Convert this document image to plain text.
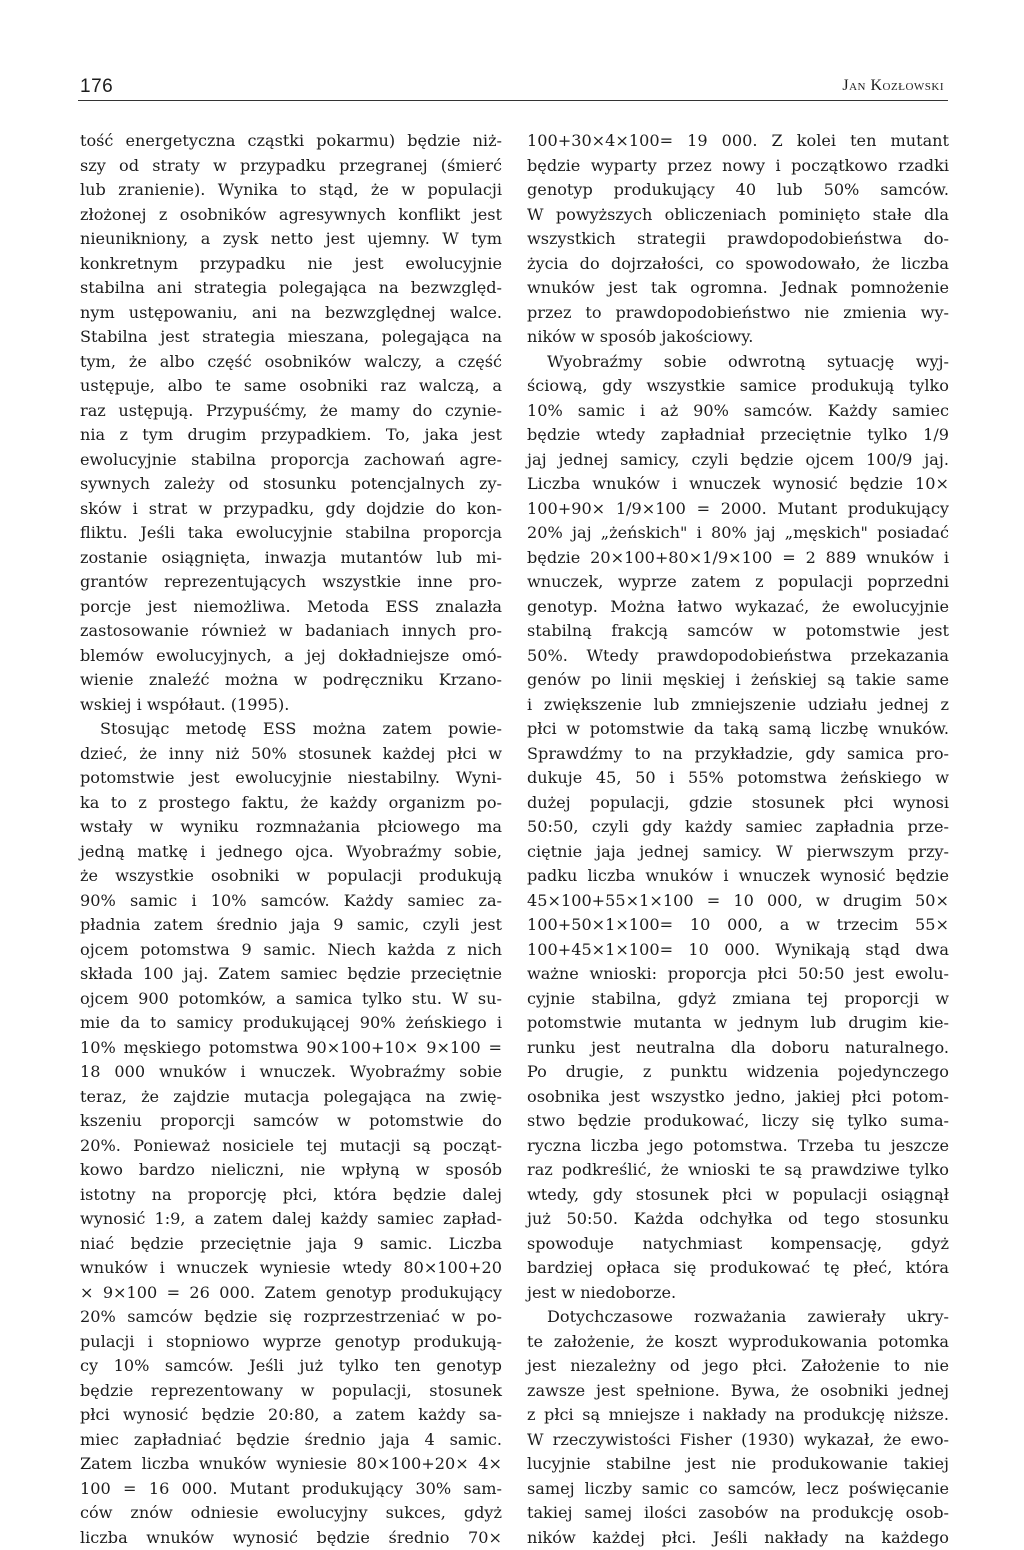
176	Jan Kozłowski
tość energetyczna cząstki pokarmu) będzie niż-
szy od straty w przypadku przegranej (śmierć
lub zranienie). Wynika to stąd, że w populacji
złożonej z osobników agresywnych konflikt jest
nieunikniony, a zysk netto jest ujemny. W tym
konkretnym przypadku nie jest ewolucyjnie
stabilna ani strategia polegająca na bezwzględ-
nym ustępowaniu, ani na bezwzględnej walce.
Stabilna jest strategia mieszana, polegająca na
tym, że albo część osobników walczy, a część
ustępuje, albo te same osobniki raz walczą, a
raz ustępują. Przypuśćmy, że mamy do czynie-
nia z tym drugim przypadkiem. To, jaka jest
ewolucyjnie stabilna proporcja zachowań agre-
sywnych zależy od stosunku potencjalnych zy-
sków i strat w przypadku, gdy dojdzie do kon-
fliktu. Jeśli taka ewolucyjnie stabilna proporcja
zostanie osiągnięta, inwazja mutantów lub mi-
grantów reprezentujących wszystkie inne pro-
porcje jest niemożliwa. Metoda ESS znalazła
zastosowanie również w badaniach innych pro-
blemów ewolucyjnych, a jej dokładniejsze omó-
wienie znaleźć można w podręczniku Krzano-
wskiej i współaut. (1995).
Stosując metodę ESS można zatem powie-
dzieć, że inny niż 50% stosunek każdej płci w
potomstwie jest ewolucyjnie niestabilny. Wyni-
ka to z prostego faktu, że każdy organizm po-
wstały w wyniku rozmnażania płciowego ma
jedną matkę i jednego ojca. Wyobraźmy sobie,
że wszystkie osobniki w populacji produkują
90% samic i 10% samców. Każdy samiec za-
pładnia zatem średnio jaja 9 samic, czyli jest
ojcem potomstwa 9 samic. Niech każda z nich
składa 100 jaj. Zatem samiec będzie przeciętnie
ojcem 900 potomków, a samica tylko stu. W su-
mie da to samicy produkującej 90% żeńskiego i
10% męskiego potomstwa 90×100+10× 9×100 =
18 000 wnuków i wnuczek. Wyobraźmy sobie
teraz, że zajdzie mutacja polegająca na zwię-
kszeniu proporcji samców w potomstwie do
20%. Ponieważ nosiciele tej mutacji są począt-
kowo bardzo nieliczni, nie wpłyną w sposób
istotny na proporcję płci, która będzie dalej
wynosić 1:9, a zatem dalej każdy samiec zapład-
niać będzie przeciętnie jaja 9 samic. Liczba
wnuków i wnuczek wyniesie wtedy 80×100+20
× 9×100 = 26 000. Zatem genotyp produkujący
20% samców będzie się rozprzestrzeniać w po-
pulacji i stopniowo wyprze genotyp produkują-
cy 10% samców. Jeśli już tylko ten genotyp
będzie reprezentowany w populacji, stosunek
płci wynosić będzie 20:80, a zatem każdy sa-
miec zapładniać będzie średnio jaja 4 samic.
Zatem liczba wnuków wyniesie 80×100+20× 4×
100 = 16 000. Mutant produkujący 30% sam-
ców znów odniesie ewolucyjny sukces, gdyż
liczba wnuków wynosić będzie średnio 70×
100+30×4×100= 19 000. Z kolei ten mutant
będzie wyparty przez nowy i początkowo rzadki
genotyp produkujący 40 lub 50% samców.
W powyższych obliczeniach pominięto stałe dla
wszystkich strategii prawdopodobieństwa do-
życia do dojrzałości, co spowodowało, że liczba
wnuków jest tak ogromna. Jednak pomnożenie
przez to prawdopodobieństwo nie zmienia wy-
ników w sposób jakościowy.
Wyobraźmy sobie odwrotną sytuację wyj-
ściową, gdy wszystkie samice produkują tylko
10% samic i aż 90% samców. Każdy samiec
będzie wtedy zapładniał przeciętnie tylko 1/9
jaj jednej samicy, czyli będzie ojcem 100/9 jaj.
Liczba wnuków i wnuczek wynosić będzie 10×
100+90× 1/9×100 = 2000. Mutant produkujący
20% jaj „żeńskich" i 80% jaj „męskich" posiadać
będzie 20×100+80×1/9×100 = 2 889 wnuków i
wnuczek, wyprze zatem z populacji poprzedni
genotyp. Można łatwo wykazać, że ewolucyjnie
stabilną frakcją samców w potomstwie jest
50%. Wtedy prawdopodobieństwa przekazania
genów po linii męskiej i żeńskiej są takie same
i zwiększenie lub zmniejszenie udziału jednej z
płci w potomstwie da taką samą liczbę wnuków.
Sprawdźmy to na przykładzie, gdy samica pro-
dukuje 45, 50 i 55% potomstwa żeńskiego w
dużej populacji, gdzie stosunek płci wynosi
50:50, czyli gdy każdy samiec zapładnia prze-
ciętnie jaja jednej samicy. W pierwszym przy-
padku liczba wnuków i wnuczek wynosić będzie
45×100+55×1×100 = 10 000, w drugim 50×
100+50×1×100= 10 000, a w trzecim 55×
100+45×1×100= 10 000. Wynikają stąd dwa
ważne wnioski: proporcja płci 50:50 jest ewolu-
cyjnie stabilna, gdyż zmiana tej proporcji w
potomstwie mutanta w jednym lub drugim kie-
runku jest neutralna dla doboru naturalnego.
Po drugie, z punktu widzenia pojedynczego
osobnika jest wszystko jedno, jakiej płci potom-
stwo będzie produkować, liczy się tylko suma-
ryczna liczba jego potomstwa. Trzeba tu jeszcze
raz podkreślić, że wnioski te są prawdziwe tylko
wtedy, gdy stosunek płci w populacji osiągnął
już 50:50. Każda odchyłka od tego stosunku
spowoduje natychmiast kompensację, gdyż
bardziej opłaca się produkować tę płeć, która
jest w niedoborze.
Dotychczasowe rozważania zawierały ukry-
te założenie, że koszt wyprodukowania potomka
jest niezależny od jego płci. Założenie to nie
zawsze jest spełnione. Bywa, że osobniki jednej
z płci są mniejsze i nakłady na produkcję niższe.
W rzeczywistości Fisher (1930) wykazał, że ewo-
lucyjnie stabilne jest nie produkowanie takiej
samej liczby samic co samców, lecz poświęcanie
takiej samej ilości zasobów na produkcję osob-
ników każdej płci. Jeśli nakłady na każdego
